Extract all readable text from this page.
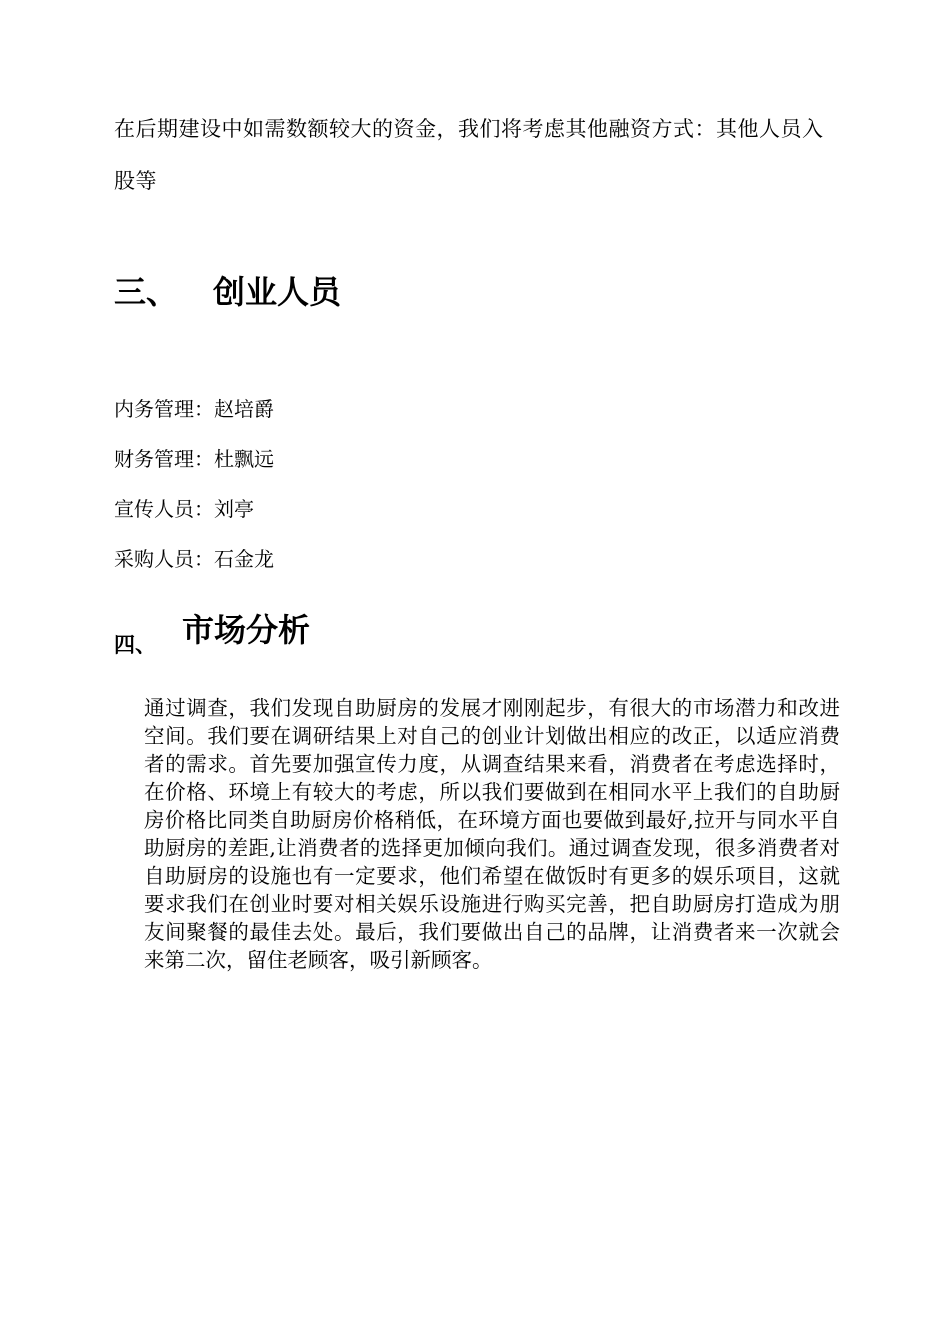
在后期建设中如需数额较大的资金，我们将考虑其他融资方式：其他人员入股等

三、 创业人员
内务管理：赵培爵
财务管理：杜飘远
宣传人员：刘亭
采购人员：石金龙
四、 市场分析

通过调查，我们发现自助厨房的发展才刚刚起步，有很大的市场潜力和改进空间。我们要在调研结果上对自己的创业计划做出相应的改正，以适应消费者的需求。首先要加强宣传力度，从调查结果来看，消费者在考虑选择时，在价格、环境上有较大的考虑，所以我们要做到在相同水平上我们的自助厨房价格比同类自助厨房价格稍低，在环境方面也要做到最好,拉开与同水平自助厨房的差距,让消费者的选择更加倾向我们。通过调查发现，很多消费者对自助厨房的设施也有一定要求，他们希望在做饭时有更多的娱乐项目，这就要求我们在创业时要对相关娱乐设施进行购买完善，把自助厨房打造成为朋友间聚餐的最佳去处。最后，我们要做出自己的品牌，让消费者来一次就会来第二次，留住老顾客，吸引新顾客。
